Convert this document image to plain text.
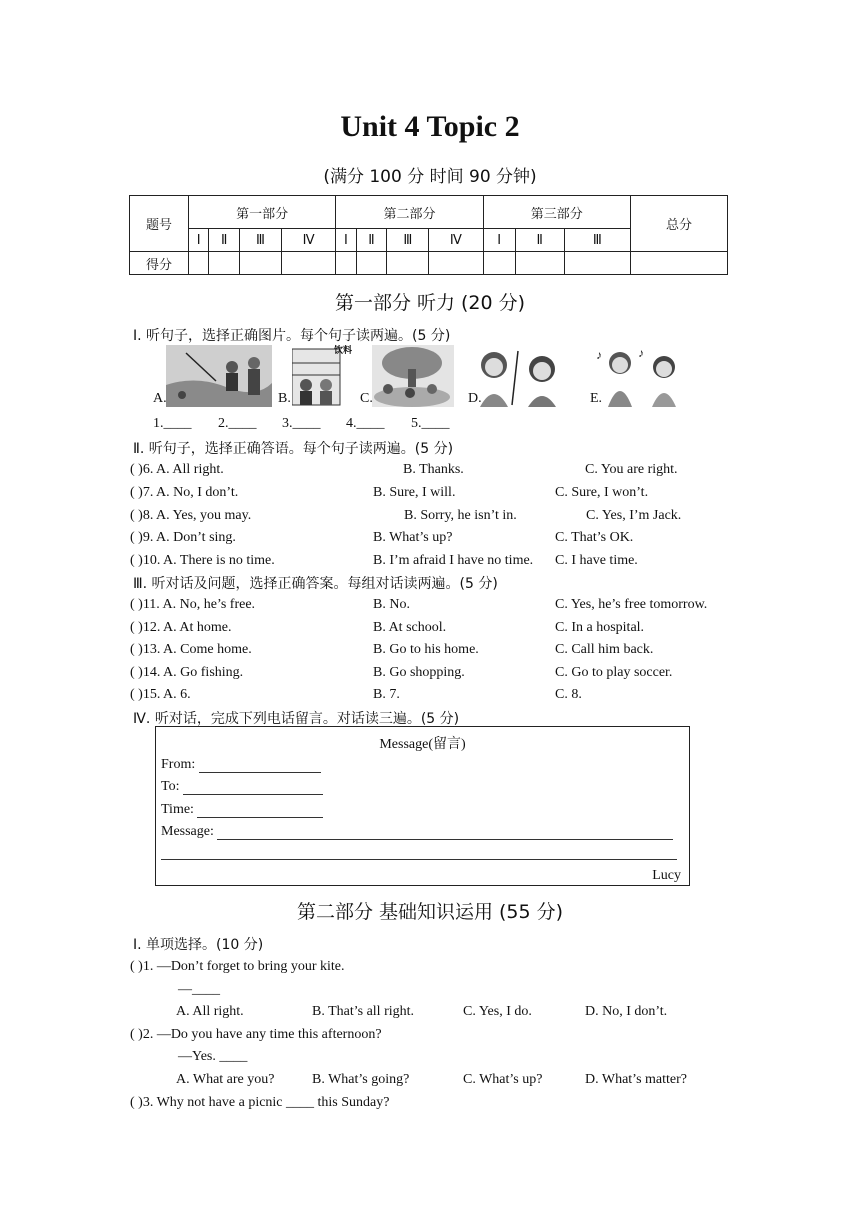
Unit 4 Topic 2
(满分 100 分 时间 90 分钟)
题号	第一部分				第二部分				第三部分			总分
	Ⅰ	Ⅱ	Ⅲ	Ⅳ	Ⅰ	Ⅱ	Ⅲ	Ⅳ	Ⅰ	Ⅱ	Ⅲ	
得分												
第一部分 听力 (20 分)
Ⅰ. 听句子，选择正确图片。每个句子读两遍。(5 分)
饮料	♪
♪
A.	B.	C.	D.	E.
1.____ 2.____ 3.____ 4.____ 5.____
Ⅱ. 听句子，选择正确答语。每个句子读两遍。(5 分)
( )6. A. All right.	B. Thanks.	C. You are right.
( )7. A. No, I don’t.	B. Sure, I will.	C. Sure, I won’t.
( )8. A. Yes, you may.	B. Sorry, he isn’t in.	C. Yes, I’m Jack.
( )9. A. Don’t sing.	B. What’s up?	C. That’s OK.
( )10. A. There is no time.	B. I’m afraid I have no time. C. I have time.
Ⅲ. 听对话及问题，选择正确答案。每组对话读两遍。(5 分)
( )11. A. No, he’s free.	B. No.	C. Yes, he’s free tomorrow.
( )12. A. At home.	B. At school.	C. In a hospital.
( )13. A. Come home.	B. Go to his home.	C. Call him back.
( )14. A. Go fishing.	B. Go shopping.	C. Go to play soccer.
( )15. A. 6.	B. 7.	C. 8.
Ⅳ. 听对话，完成下列电话留言。对话读三遍。(5 分)
Message(留言)
From:
To:
Time:
Message:
Lucy
第二部分 基础知识运用 (55 分)
Ⅰ. 单项选择。(10 分)
( )1. —Don’t forget to bring your kite.
—____
A. All right.	B. That’s all right.	C. Yes, I do.	D. No, I don’t.
( )2. —Do you have any time this afternoon?
—Yes. ____
A. What are you?	B. What’s going?	C. What’s up?	D. What’s matter?
( )3. Why not have a picnic ____ this Sunday?
